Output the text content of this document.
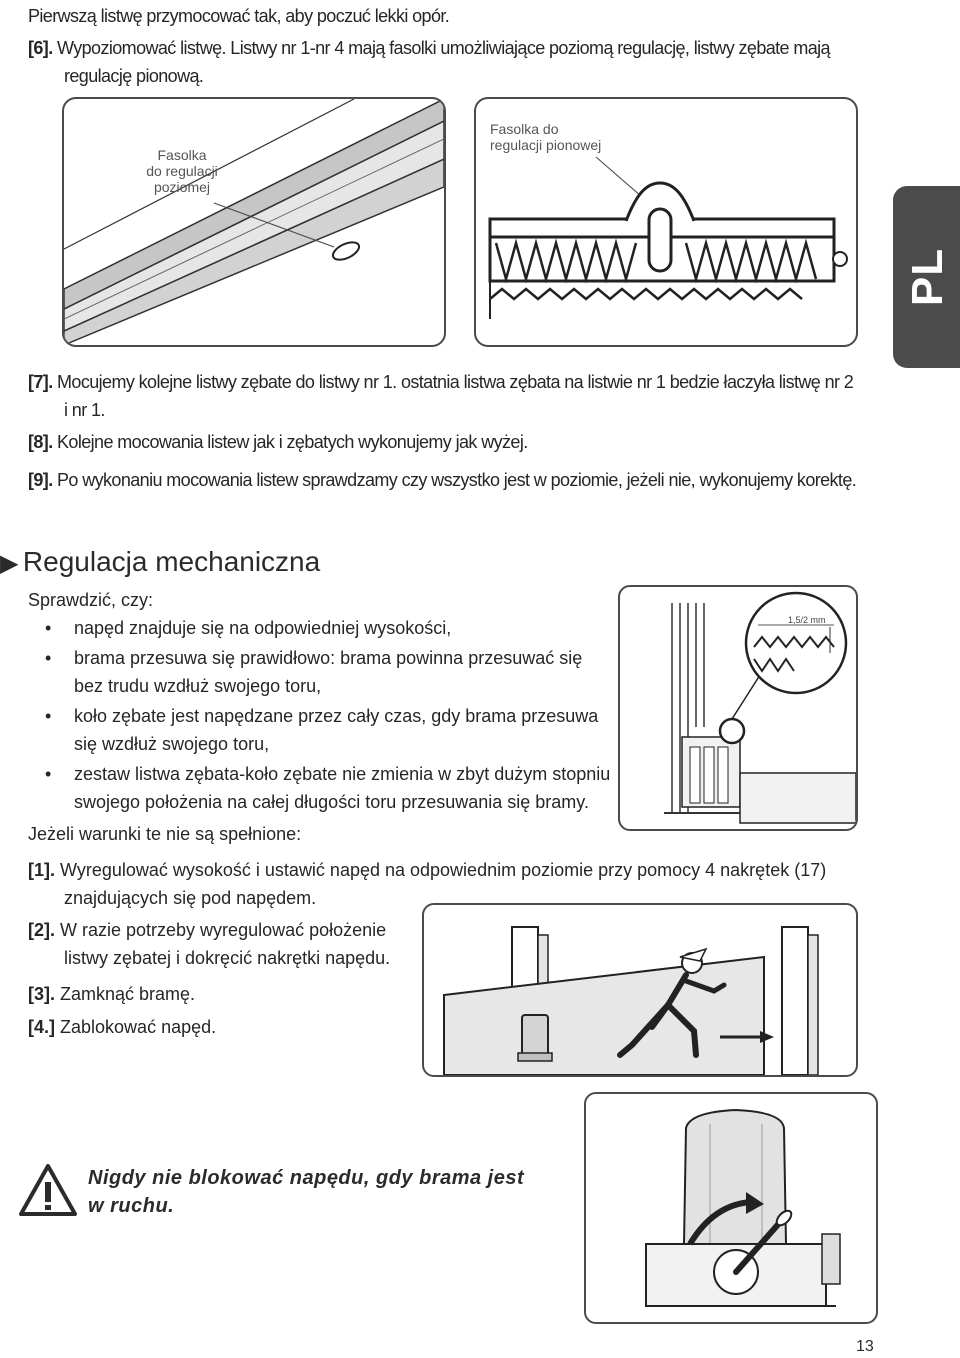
Pierwszą listwę przymocować tak, aby poczuć lekki opór.
[6]. Wypoziomować listwę. Listwy nr 1-nr 4 mają fasolki umożliwiające poziomą regulację, listwy zębate mają
regulację pionową.
Fasolka
do regulacji
poziomej
Fasolka do
regulacji pionowej
PL
[7]. Mocujemy kolejne listwy zębate do listwy nr 1. ostatnia listwa zębata na listwie nr 1 bedzie łaczyła listwę nr 2
i nr 1.
[8]. Kolejne mocowania listew jak i zębatych wykonujemy jak wyżej.
[9]. Po wykonaniu mocowania listew sprawdzamy czy wszystko jest w poziomie, jeżeli nie, wykonujemy korektę.
▶ Regulacja mechaniczna
Sprawdzić, czy:
• napęd znajduje się na odpowiedniej wysokości,
• brama przesuwa się prawidłowo: brama powinna przesuwać się
bez trudu wzdłuż swojego toru,
• koło zębate jest napędzane przez cały czas, gdy brama przesuwa
się wzdłuż swojego toru,
• zestaw listwa zębata-koło zębate nie zmienia w zbyt dużym stopniu
swojego położenia na całej długości toru przesuwania się bramy.
1,5/2 mm
Jeżeli warunki te nie są spełnione:
[1]. Wyregulować wysokość i ustawić napęd na odpowiednim poziomie przy pomocy 4 nakrętek (17)
znajdujących się pod napędem.
[2]. W razie potrzeby wyregulować położenie
listwy zębatej i dokręcić nakrętki napędu.
[3]. Zamknąć bramę.
[4.] Zablokować napęd.
Nigdy nie blokować napędu, gdy brama jest
w ruchu.
13
